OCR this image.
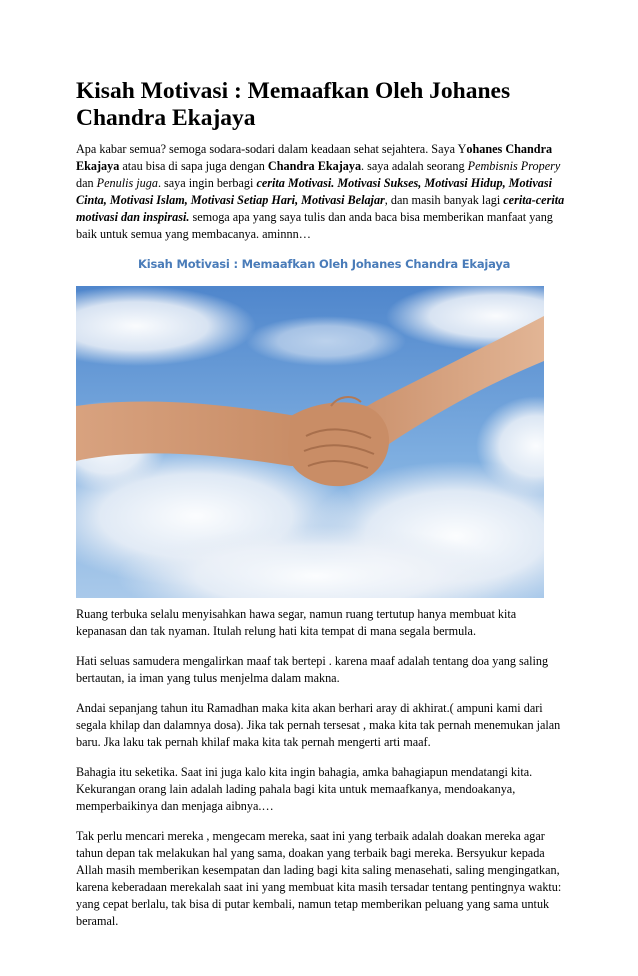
Kisah Motivasi : Memaafkan Oleh Johanes Chandra Ekajaya

Apa kabar semua? semoga sodara-sodari dalam keadaan sehat sejahtera. Saya Yohanes Chandra Ekajaya atau bisa di sapa juga dengan Chandra Ekajaya. saya adalah seorang Pembisnis Propery dan Penulis juga. saya ingin berbagi cerita Motivasi. Motivasi Sukses, Motivasi Hidup, Motivasi Cinta, Motivasi Islam, Motivasi Setiap Hari, Motivasi Belajar, dan masih banyak lagi cerita-cerita motivasi dan inspirasi. semoga apa yang saya tulis dan anda baca bisa memberikan manfaat yang baik untuk semua yang membacanya. aminnn…

Kisah Motivasi : Memaafkan Oleh Johanes Chandra Ekajaya

Ruang terbuka selalu menyisahkan hawa segar, namun ruang tertutup hanya membuat kita kepanasan dan tak nyaman. Itulah relung hati kita tempat di mana segala bermula.

Hati seluas samudera mengalirkan maaf tak bertepi . karena maaf adalah tentang doa yang saling bertautan, ia iman yang tulus menjelma dalam makna.

Andai sepanjang tahun itu Ramadhan maka kita akan berhari aray di akhirat.( ampuni kami dari segala khilap dan dalamnya dosa). Jika tak pernah tersesat , maka kita tak pernah menemukan jalan baru. Jka laku tak pernah khilaf maka kita tak pernah mengerti arti maaf.

Bahagia itu seketika. Saat ini juga kalo kita ingin bahagia, amka bahagiapun mendatangi kita. Kekurangan orang lain adalah lading pahala bagi kita untuk memaafkanya, mendoakanya, memperbaikinya dan menjaga aibnya.…

Tak perlu mencari mereka , mengecam mereka, saat ini yang terbaik adalah doakan mereka agar tahun depan tak melakukan hal yang sama, doakan yang terbaik bagi mereka. Bersyukur kepada Allah masih memberikan kesempatan dan lading bagi kita saling menasehati, saling mengingatkan, karena keberadaan merekalah saat ini yang membuat kita masih tersadar tentang pentingnya waktu: yang cepat berlalu, tak bisa di putar kembali, namun tetap memberikan peluang yang sama untuk beramal.
